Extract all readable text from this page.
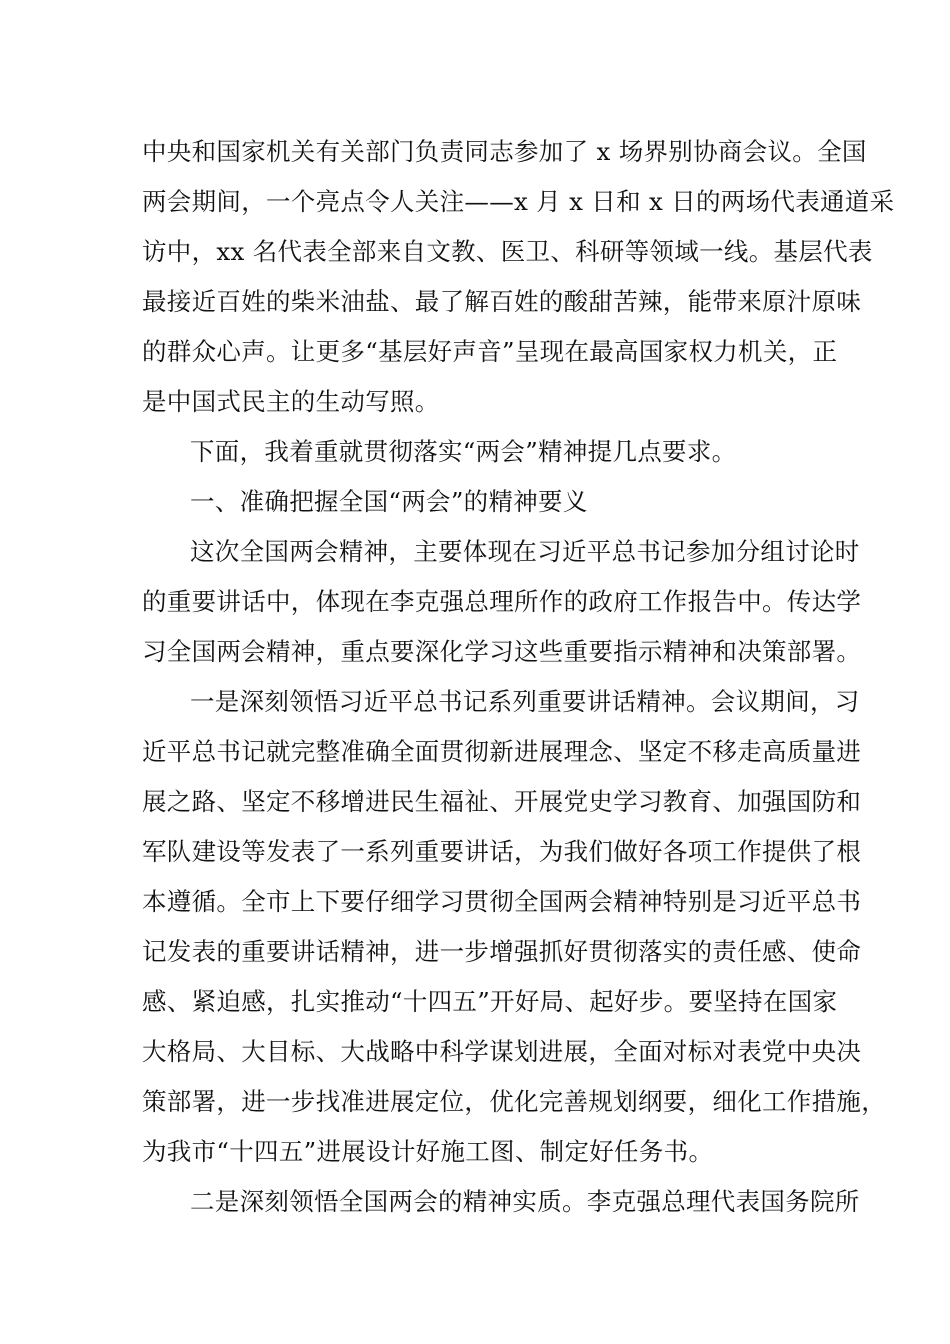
中央和国家机关有关部门负责同志参加了 x 场界别协商会议。全国
两会期间，一个亮点令人关注——x 月 x 日和 x 日的两场代表通道采
访中，xx 名代表全部来自文教、医卫、科研等领域一线。基层代表
最接近百姓的柴米油盐、最了解百姓的酸甜苦辣，能带来原汁原味
的群众心声。让更多“基层好声音”呈现在最高国家权力机关，正
是中国式民主的生动写照。
下面，我着重就贯彻落实“两会”精神提几点要求。
一、准确把握全国“两会”的精神要义
这次全国两会精神，主要体现在习近平总书记参加分组讨论时
的重要讲话中，体现在李克强总理所作的政府工作报告中。传达学
习全国两会精神，重点要深化学习这些重要指示精神和决策部署。
一是深刻领悟习近平总书记系列重要讲话精神。会议期间，习
近平总书记就完整准确全面贯彻新进展理念、坚定不移走高质量进
展之路、坚定不移增进民生福祉、开展党史学习教育、加强国防和
军队建设等发表了一系列重要讲话，为我们做好各项工作提供了根
本遵循。全市上下要仔细学习贯彻全国两会精神特别是习近平总书
记发表的重要讲话精神，进一步增强抓好贯彻落实的责任感、使命
感、紧迫感，扎实推动“十四五”开好局、起好步。要坚持在国家
大格局、大目标、大战略中科学谋划进展，全面对标对表党中央决
策部署，进一步找准进展定位，优化完善规划纲要，细化工作措施，
为我市“十四五”进展设计好施工图、制定好任务书。
二是深刻领悟全国两会的精神实质。李克强总理代表国务院所
